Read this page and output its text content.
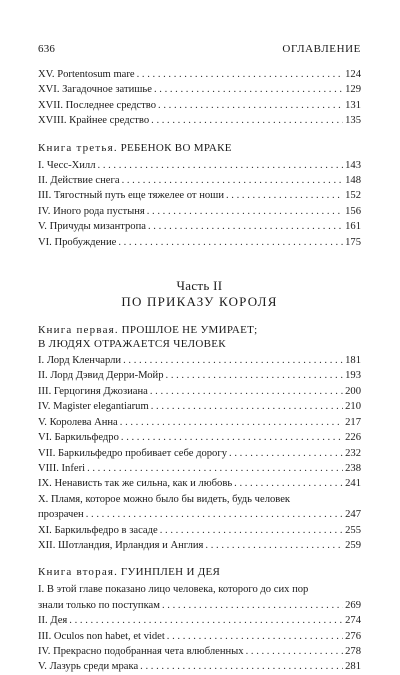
636	ОГЛАВЛЕНИЕ
XV. Portentosum mare . . .	124
XVI. Загадочное затишье . . .	129
XVII. Последнее средство . . .	131
XVIII. Крайнее средство . . .	135
Книга третья. РЕБЕНОК ВО МРАКЕ
I. Чесс-Хилл . . .	143
II. Действие снега . . .	148
III. Тягостный путь еще тяжелее от ноши . . .	152
IV. Иного рода пустыня . . .	156
V. Причуды мизантропа . . .	161
VI. Пробуждение . . .	175
Часть II
ПО ПРИКАЗУ КОРОЛЯ
Книга первая. ПРОШЛОЕ НЕ УМИРАЕТ;
В ЛЮДЯХ ОТРАЖАЕТСЯ ЧЕЛОВЕК
I. Лорд Кленчарли . . .	181
II. Лорд Дэвид Дерри-Мойр . . .	193
III. Герцогиня Джозиана . . .	200
IV. Magister elegantiarum . . .	210
V. Королева Анна . . .	217
VI. Баркильфедро . . .	226
VII. Баркильфедро пробивает себе дорогу . . .	232
VIII. Inferi . . .	238
IX. Ненависть так же сильна, как и любовь . . .	241
X. Пламя, которое можно было бы видеть, будь человек
прозрачен . . .	247
XI. Баркильфедро в засаде . . .	255
XII. Шотландия, Ирландия и Англия . . .	259
Книга вторая. ГУИНПЛЕН И ДЕЯ
I. В этой главе показано лицо человека, которого до сих пор
знали только по поступкам . . .	269
II. Дея . . .	274
III. Oculos non habet, et videt . . .	276
IV. Прекрасно подобранная чета влюбленных . . .	278
V. Лазурь среди мрака . . .	281
